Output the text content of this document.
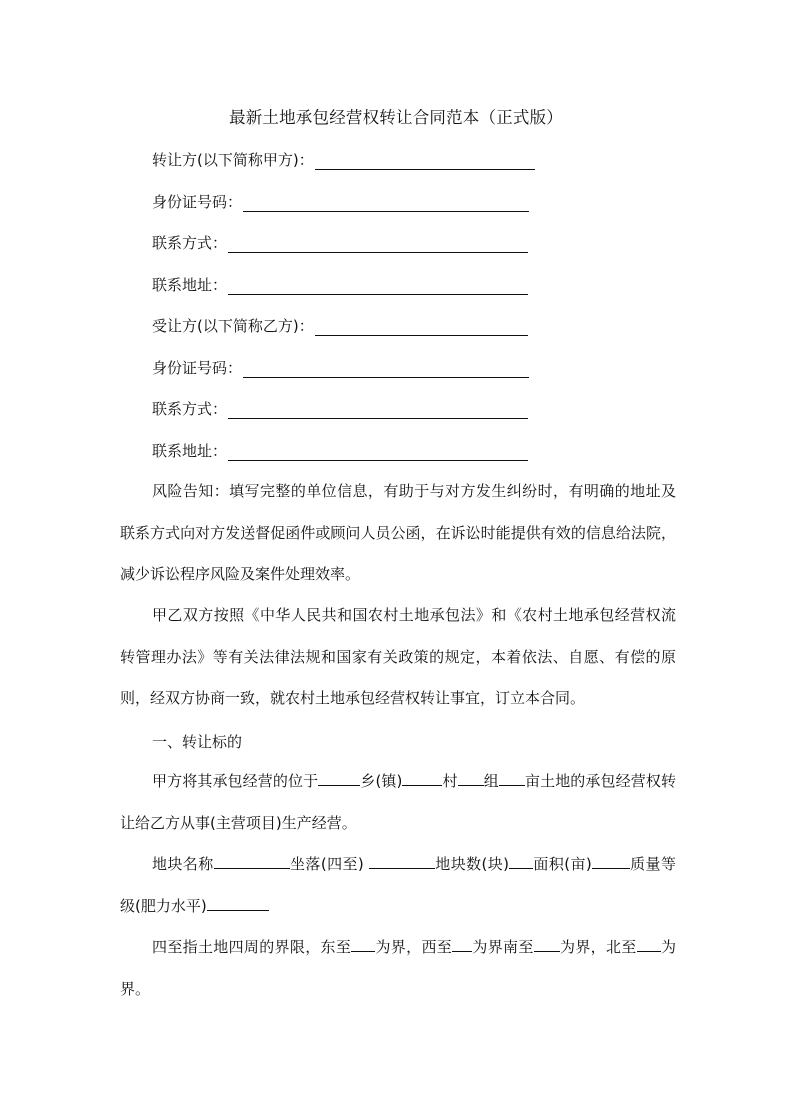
最新土地承包经营权转让合同范本（正式版）
转让方(以下简称甲方)：
身份证号码：
联系方式：
联系地址：
受让方(以下简称乙方)：
身份证号码：
联系方式：
联系地址：

风险告知：填写完整的单位信息，有助于与对方发生纠纷时，有明确的地址及联系方式向对方发送督促函件或顾问人员公函，在诉讼时能提供有效的信息给法院，减少诉讼程序风险及案件处理效率。

甲乙双方按照《中华人民共和国农村土地承包法》和《农村土地承包经营权流转管理办法》等有关法律法规和国家有关政策的规定，本着依法、自愿、有偿的原则，经双方协商一致，就农村土地承包经营权转让事宜，订立本合同。

一、转让标的

甲方将其承包经营的位于	乡(镇)	村 组 亩土地的承包经营权转让给乙方从事(主营项目)生产经营。

地块名称	坐落(四至)	地块数(块) 面积(亩)	质量等级(肥力水平)

四至指土地四周的界限，东至 为界，西至 为界南至 为界，北至 为界。
